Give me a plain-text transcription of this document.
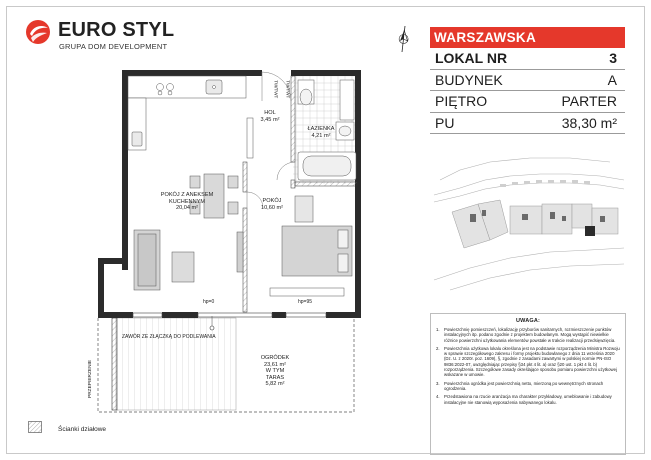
EURO STYL
GRUPA DOM DEVELOPMENT
WARSZAWSKA
LOKAL NR	3
BUDYNEK	A
PIĘTRO	PARTER
PU	38,30 m²
UWAGA:
1. Powierzchnię pomieszczeń, lokalizację przyborów sanitarnych, rozmieszczenie punktów instalacyjnych itp. podano zgodnie z projektem budowlanym. Mogą wystąpić niewielkie różnice powierzchni użytkowania elementów powstałe w trakcie realizacji przedsięwzięcia.
2. Powierzchnia użytkowa lokalu określona jest na podstawie rozporządzenia Ministra Rozwoju w sprawie szczegółowego zakresu i formy projektu budowlanego z dnia 11 września 2020 (Dz. U. z 2020r. poz. 1609), §, zgodnie z zasadami zawartymi w polskiej normie PN-ISO 9836:2022-07, uwzględniając przepisy §34 pkt 4 lit. a) oraz §20 ust. 1 pkt 4 lit. b) rozporządzenia. Szczegółowe zasady określające sposobu pomiaru powierzchni użytkowej wskazane w umowie.
3. Powierzchnia ogródka jest powierzchnią netto, mierzoną po wewnętrznych stronach ogrodzenia.
4. Przedstawiona na rzucie aranżacja ma charakter przykładowy, umeblowanie i zabudowy instalacyjne nie stanowią wyposażenia nabywanego lokalu.
TW/TWT	TW/TWT
HOL
3,45 m²
ŁAZIENKA
4,21 m²
POKÓJ Z ANEKSEM
KUCHENNYM
20,04 m²
POKÓJ
10,60 m²
hp=0	hp=95
ZAWÓR ZE ZŁĄCZKĄ DO PODLEWANIA
PRZEPIERZENIE
OGRÓDEK
23,61 m²
W TYM
TARAS
5,82 m²
Ścianki działowe
